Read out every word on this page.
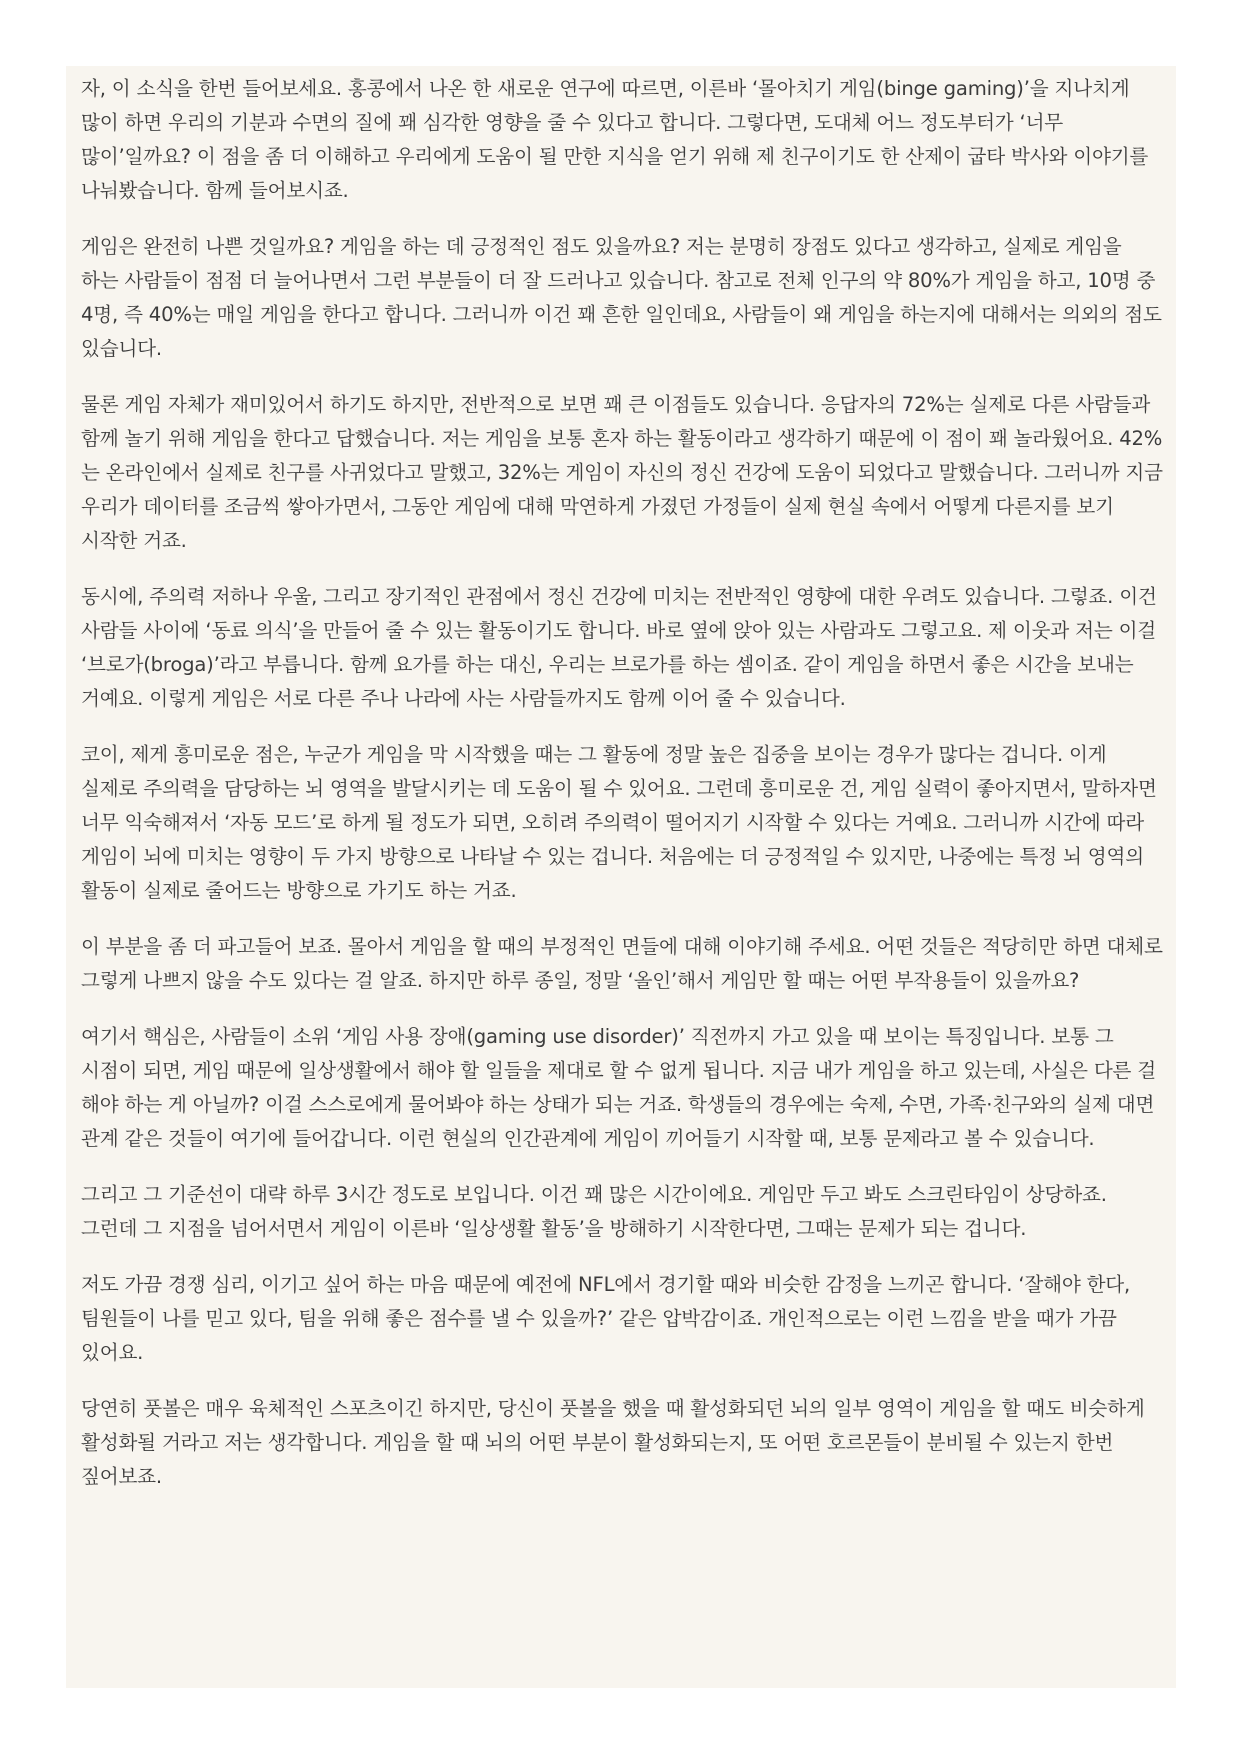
자, 이 소식을 한번 들어보세요. 홍콩에서 나온 한 새로운 연구에 따르면, 이른바 ‘몰아치기 게임(binge gaming)’을 지나치게 많이 하면 우리의 기분과 수면의 질에 꽤 심각한 영향을 줄 수 있다고 합니다. 그렇다면, 도대체 어느 정도부터가 ‘너무 많이’일까요? 이 점을 좀 더 이해하고 우리에게 도움이 될 만한 지식을 얻기 위해 제 친구이기도 한 산제이 굽타 박사와 이야기를 나눠봤습니다. 함께 들어보시죠.

게임은 완전히 나쁜 것일까요? 게임을 하는 데 긍정적인 점도 있을까요? 저는 분명히 장점도 있다고 생각하고, 실제로 게임을 하는 사람들이 점점 더 늘어나면서 그런 부분들이 더 잘 드러나고 있습니다. 참고로 전체 인구의 약 80%가 게임을 하고, 10명 중 4명, 즉 40%는 매일 게임을 한다고 합니다. 그러니까 이건 꽤 흔한 일인데요, 사람들이 왜 게임을 하는지에 대해서는 의외의 점도 있습니다.

물론 게임 자체가 재미있어서 하기도 하지만, 전반적으로 보면 꽤 큰 이점들도 있습니다. 응답자의 72%는 실제로 다른 사람들과 함께 놀기 위해 게임을 한다고 답했습니다. 저는 게임을 보통 혼자 하는 활동이라고 생각하기 때문에 이 점이 꽤 놀라웠어요. 42%는 온라인에서 실제로 친구를 사귀었다고 말했고, 32%는 게임이 자신의 정신 건강에 도움이 되었다고 말했습니다. 그러니까 지금 우리가 데이터를 조금씩 쌓아가면서, 그동안 게임에 대해 막연하게 가졌던 가정들이 실제 현실 속에서 어떻게 다른지를 보기 시작한 거죠.

동시에, 주의력 저하나 우울, 그리고 장기적인 관점에서 정신 건강에 미치는 전반적인 영향에 대한 우려도 있습니다. 그렇죠. 이건 사람들 사이에 ‘동료 의식’을 만들어 줄 수 있는 활동이기도 합니다. 바로 옆에 앉아 있는 사람과도 그렇고요. 제 이웃과 저는 이걸 ‘브로가(broga)’라고 부릅니다. 함께 요가를 하는 대신, 우리는 브로가를 하는 셈이죠. 같이 게임을 하면서 좋은 시간을 보내는 거예요. 이렇게 게임은 서로 다른 주나 나라에 사는 사람들까지도 함께 이어 줄 수 있습니다.

코이, 제게 흥미로운 점은, 누군가 게임을 막 시작했을 때는 그 활동에 정말 높은 집중을 보이는 경우가 많다는 겁니다. 이게 실제로 주의력을 담당하는 뇌 영역을 발달시키는 데 도움이 될 수 있어요. 그런데 흥미로운 건, 게임 실력이 좋아지면서, 말하자면 너무 익숙해져서 ‘자동 모드’로 하게 될 정도가 되면, 오히려 주의력이 떨어지기 시작할 수 있다는 거예요. 그러니까 시간에 따라 게임이 뇌에 미치는 영향이 두 가지 방향으로 나타날 수 있는 겁니다. 처음에는 더 긍정적일 수 있지만, 나중에는 특정 뇌 영역의 활동이 실제로 줄어드는 방향으로 가기도 하는 거죠.

이 부분을 좀 더 파고들어 보죠. 몰아서 게임을 할 때의 부정적인 면들에 대해 이야기해 주세요. 어떤 것들은 적당히만 하면 대체로 그렇게 나쁘지 않을 수도 있다는 걸 알죠. 하지만 하루 종일, 정말 ‘올인’해서 게임만 할 때는 어떤 부작용들이 있을까요?

여기서 핵심은, 사람들이 소위 ‘게임 사용 장애(gaming use disorder)’ 직전까지 가고 있을 때 보이는 특징입니다. 보통 그 시점이 되면, 게임 때문에 일상생활에서 해야 할 일들을 제대로 할 수 없게 됩니다. 지금 내가 게임을 하고 있는데, 사실은 다른 걸 해야 하는 게 아닐까? 이걸 스스로에게 물어봐야 하는 상태가 되는 거죠. 학생들의 경우에는 숙제, 수면, 가족·친구와의 실제 대면 관계 같은 것들이 여기에 들어갑니다. 이런 현실의 인간관계에 게임이 끼어들기 시작할 때, 보통 문제라고 볼 수 있습니다.

그리고 그 기준선이 대략 하루 3시간 정도로 보입니다. 이건 꽤 많은 시간이에요. 게임만 두고 봐도 스크린타임이 상당하죠. 그런데 그 지점을 넘어서면서 게임이 이른바 ‘일상생활 활동’을 방해하기 시작한다면, 그때는 문제가 되는 겁니다.

저도 가끔 경쟁 심리, 이기고 싶어 하는 마음 때문에 예전에 NFL에서 경기할 때와 비슷한 감정을 느끼곤 합니다. ‘잘해야 한다, 팀원들이 나를 믿고 있다, 팀을 위해 좋은 점수를 낼 수 있을까?’ 같은 압박감이죠. 개인적으로는 이런 느낌을 받을 때가 가끔 있어요.

당연히 풋볼은 매우 육체적인 스포츠이긴 하지만, 당신이 풋볼을 했을 때 활성화되던 뇌의 일부 영역이 게임을 할 때도 비슷하게 활성화될 거라고 저는 생각합니다. 게임을 할 때 뇌의 어떤 부분이 활성화되는지, 또 어떤 호르몬들이 분비될 수 있는지 한번 짚어보죠.
